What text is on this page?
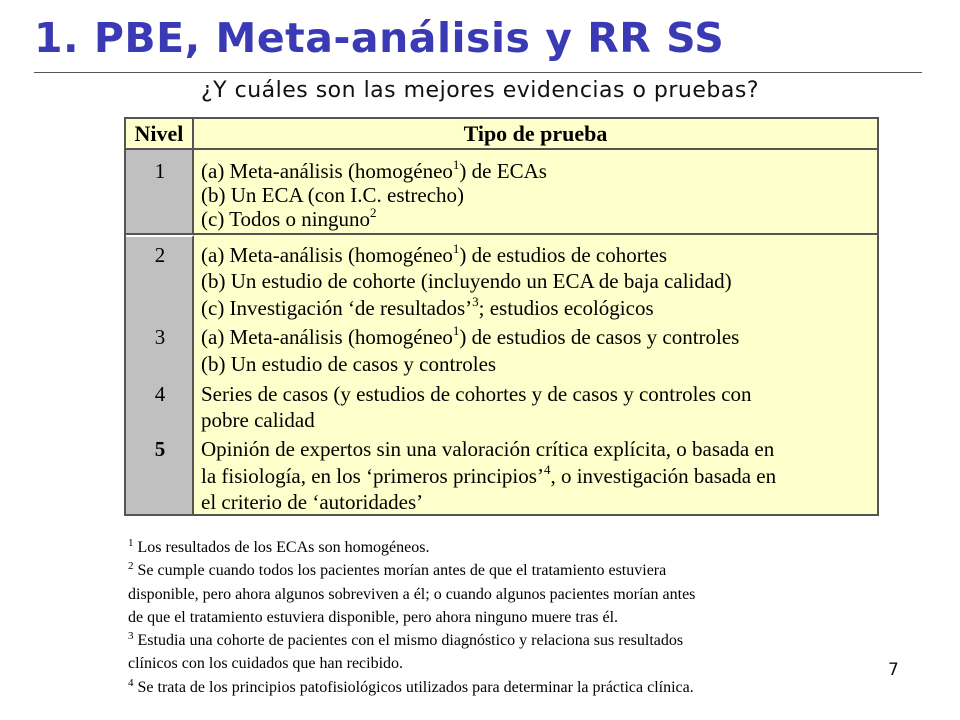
1. PBE, Meta-análisis y RR SS
¿Y cuáles son las mejores evidencias o pruebas?
Nivel	Tipo de prueba
1
2
3
4
5
(a) Meta-análisis (homogéneo$^1$) de ECAs
(b) Un ECA (con I.C. estrecho)
(c) Todos o ninguno$^2$
(a) Meta-análisis (homogéneo$^1$) de estudios de cohortes
(b) Un estudio de cohorte (incluyendo un ECA de baja calidad)
(c) Investigación ‘de resultados’$^3$; estudios ecológicos
(a) Meta-análisis (homogéneo$^1$) de estudios de casos y controles
(b) Un estudio de casos y controles
Series de casos (y estudios de cohortes y de casos y controles con
pobre calidad
Opinión de expertos sin una valoración crítica explícita, o basada en
la fisiología, en los ‘primeros principios’$^4$, o investigación basada en
el criterio de ‘autoridades’
$^1$ Los resultados de los ECAs son homogéneos.
$^2$ Se cumple cuando todos los pacientes morían antes de que el tratamiento estuviera
disponible, pero ahora algunos sobreviven a él; o cuando algunos pacientes morían antes
de que el tratamiento estuviera disponible, pero ahora ninguno muere tras él.
$^3$ Estudia una cohorte de pacientes con el mismo diagnóstico y relaciona sus resultados
clínicos con los cuidados que han recibido.
$^4$ Se trata de los principios patofisiológicos utilizados para determinar la práctica clínica.
7
